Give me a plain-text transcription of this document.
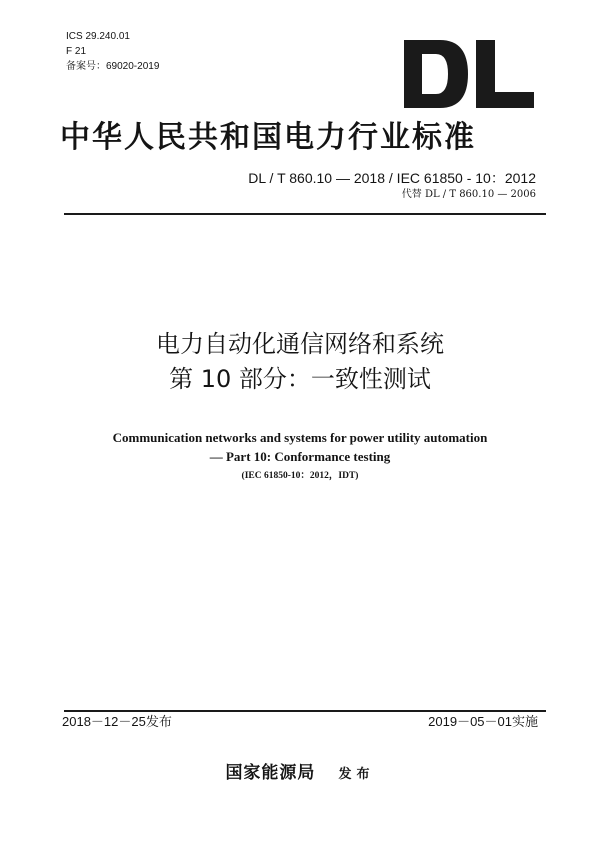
ICS 29.240.01
F 21
备案号：69020-2019
中华人民共和国电力行业标准
DL / T 860.10 — 2018 / IEC 61850 - 10：2012
代替 DL / T 860.10 — 2006
电力自动化通信网络和系统
第 10 部分：一致性测试
Communication networks and systems for power utility automation
— Part 10: Conformance testing
(IEC 61850-10：2012，IDT)
2018－12－25发布	2019－05－01实施
国家能源局 发布
